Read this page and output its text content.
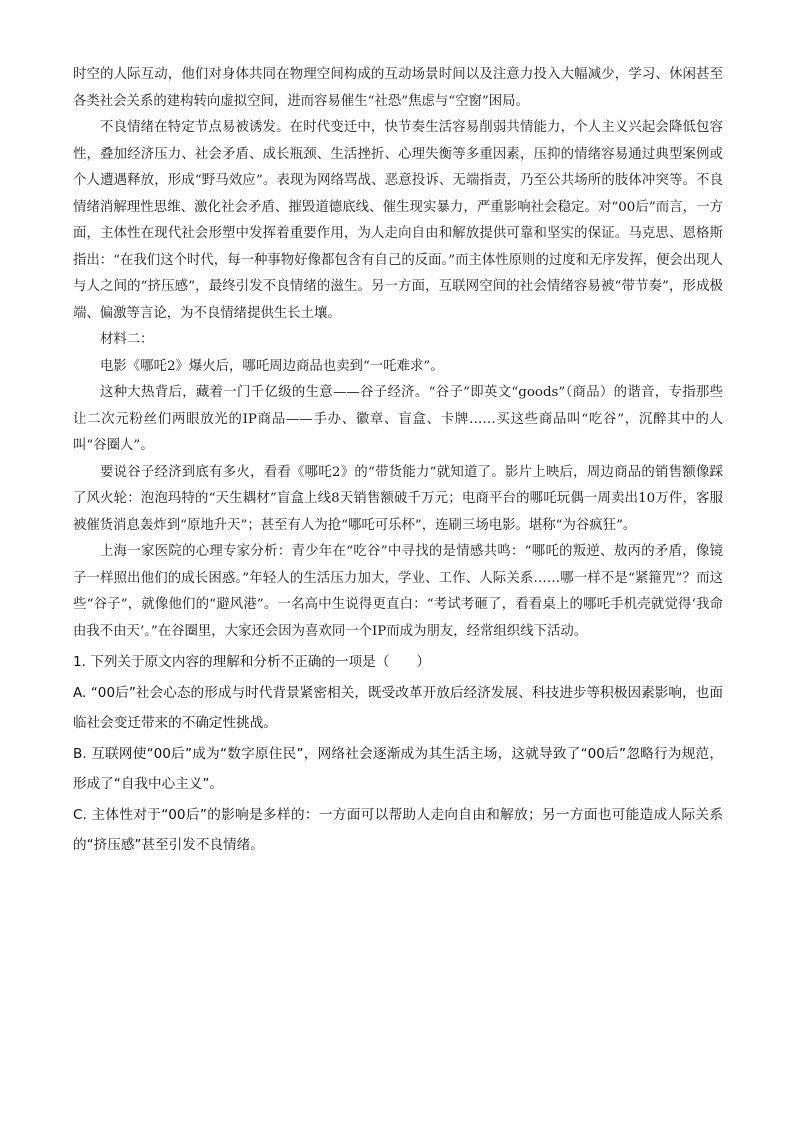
时空的人际互动，他们对身体共同在物理空间构成的互动场景时间以及注意力投入大幅减少，学习、休闲甚至各类社会关系的建构转向虚拟空间，进而容易催生“社恐”焦虑与“空窗”困局。

不良情绪在特定节点易被诱发。在时代变迁中，快节奏生活容易削弱共情能力，个人主义兴起会降低包容性，叠加经济压力、社会矛盾、成长瓶颈、生活挫折、心理失衡等多重因素，压抑的情绪容易通过典型案例或个人遭遇释放，形成“野马效应”。表现为网络骂战、恶意投诉、无端指责，乃至公共场所的肢体冲突等。不良情绪消解理性思维、激化社会矛盾、摧毁道德底线、催生现实暴力，严重影响社会稳定。对“00后”而言，一方面，主体性在现代社会形塑中发挥着重要作用，为人走向自由和解放提供可靠和坚实的保证。马克思、恩格斯指出：“在我们这个时代，每一种事物好像都包含有自己的反面。”而主体性原则的过度和无序发挥，便会出现人与人之间的“挤压感”，最终引发不良情绪的滋生。另一方面，互联网空间的社会情绪容易被“带节奏”，形成极端、偏激等言论，为不良情绪提供生长土壤。

材料二：

电影《哪吒2》爆火后，哪吒周边商品也卖到“一吒难求”。

这种大热背后，藏着一门千亿级的生意——谷子经济。“谷子”即英文“goods”（商品）的谐音，专指那些让二次元粉丝们两眼放光的IP商品——手办、徽章、盲盒、卡牌……买这些商品叫“吃谷”，沉醉其中的人叫“谷圈人”。

要说谷子经济到底有多火，看看《哪吒2》的“带货能力”就知道了。影片上映后，周边商品的销售额像踩了风火轮：泡泡玛特的“天生耦材”盲盒上线8天销售额破千万元；电商平台的哪吒玩偶一周卖出10万件，客服被催货消息轰炸到“原地升天”；甚至有人为抢“哪吒可乐杯”，连刷三场电影。堪称“为谷疯狂”。

上海一家医院的心理专家分析：青少年在“吃谷”中寻找的是情感共鸣：“哪吒的叛逆、敖丙的矛盾，像镜子一样照出他们的成长困惑。”年轻人的生活压力加大，学业、工作、人际关系……哪一样不是“紧箍咒”？而这些“谷子”，就像他们的“避风港”。一名高中生说得更直白：“考试考砸了，看看桌上的哪吒手机壳就觉得‘我命由我不由天’。”在谷圈里，大家还会因为喜欢同一个IP而成为朋友，经常组织线下活动。

1. 下列关于原文内容的理解和分析不正确的一项是（　　）

A. “00后”社会心态的形成与时代背景紧密相关，既受改革开放后经济发展、科技进步等积极因素影响，也面临社会变迁带来的不确定性挑战。

B. 互联网使“00后”成为“数字原住民”，网络社会逐渐成为其生活主场，这就导致了“00后”忽略行为规范，形成了“自我中心主义”。

C. 主体性对于“00后”的影响是多样的：一方面可以帮助人走向自由和解放；另一方面也可能造成人际关系的“挤压感”甚至引发不良情绪。
